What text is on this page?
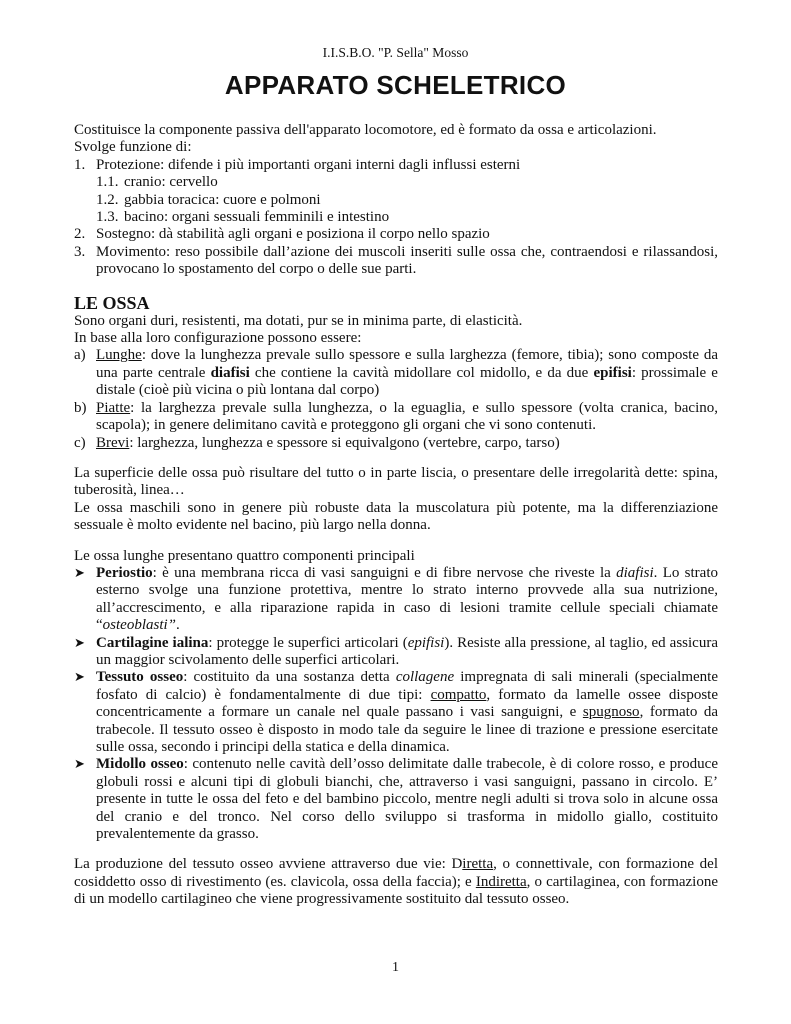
I.I.S.B.O. "P. Sella" Mosso
APPARATO SCHELETRICO

Costituisce la componente passiva dell'apparato locomotore, ed è formato da ossa e articolazioni.

Svolge funzione di:

1. Protezione: difende i più importanti organi interni dagli influssi esterni
1.1. cranio: cervello
1.2. gabbia toracica: cuore e polmoni
1.3. bacino: organi sessuali femminili e intestino
2. Sostegno: dà stabilità agli organi e posiziona il corpo nello spazio
3. Movimento: reso possibile dall’azione dei muscoli inseriti sulle ossa che, contraendosi e rilassandosi, provocano lo spostamento del corpo o delle sue parti.
LE OSSA

Sono organi duri, resistenti, ma dotati, pur se in minima parte, di elasticità.

In base alla loro configurazione possono essere:

a) Lunghe: dove la lunghezza prevale sullo spessore e sulla larghezza (femore, tibia); sono composte da una parte centrale diafisi che contiene la cavità midollare col midollo, e da due epifisi: prossimale e distale (cioè più vicina o più lontana dal corpo)
b) Piatte: la larghezza prevale sulla lunghezza, o la eguaglia, e sullo spessore (volta cranica, bacino, scapola); in genere delimitano cavità e proteggono gli organi che vi sono contenuti.
c) Brevi: larghezza, lunghezza e spessore si equivalgono (vertebre, carpo, tarso)

La superficie delle ossa può risultare del tutto o in parte liscia, o presentare delle irregolarità dette: spina, tuberosità, linea…

Le ossa maschili sono in genere più robuste data la muscolatura più potente, ma la differenziazione sessuale è molto evidente nel bacino, più largo nella donna.

Le ossa lunghe presentano quattro componenti principali

➤ Periostio: è una membrana ricca di vasi sanguigni e di fibre nervose che riveste la diafisi. Lo strato esterno svolge una funzione protettiva, mentre lo strato interno provvede alla sua nutrizione, all’accrescimento, e alla riparazione rapida in caso di lesioni tramite cellule speciali chiamate “osteoblasti”.
➤ Cartilagine ialina: protegge le superfici articolari (epifisi). Resiste alla pressione, al taglio, ed assicura un maggior scivolamento delle superfici articolari.
➤ Tessuto osseo: costituito da una sostanza detta collagene impregnata di sali minerali (specialmente fosfato di calcio) è fondamentalmente di due tipi: compatto, formato da lamelle ossee disposte concentricamente a formare un canale nel quale passano i vasi sanguigni, e spugnoso, formato da trabecole. Il tessuto osseo è disposto in modo tale da seguire le linee di trazione e pressione esercitate sulle ossa, secondo i principi della statica e della dinamica.
➤ Midollo osseo: contenuto nelle cavità dell’osso delimitate dalle trabecole, è di colore rosso, e produce globuli rossi e alcuni tipi di globuli bianchi, che, attraverso i vasi sanguigni, passano in circolo. E’ presente in tutte le ossa del feto e del bambino piccolo, mentre negli adulti si trova solo in alcune ossa del cranio e del tronco. Nel corso dello sviluppo si trasforma in midollo giallo, costituito prevalentemente da grasso.

La produzione del tessuto osseo avviene attraverso due vie: Diretta, o connettivale, con formazione del cosiddetto osso di rivestimento (es. clavicola, ossa della faccia); e Indiretta, o cartilaginea, con formazione di un modello cartilagineo che viene progressivamente sostituito dal tessuto osseo.

1
